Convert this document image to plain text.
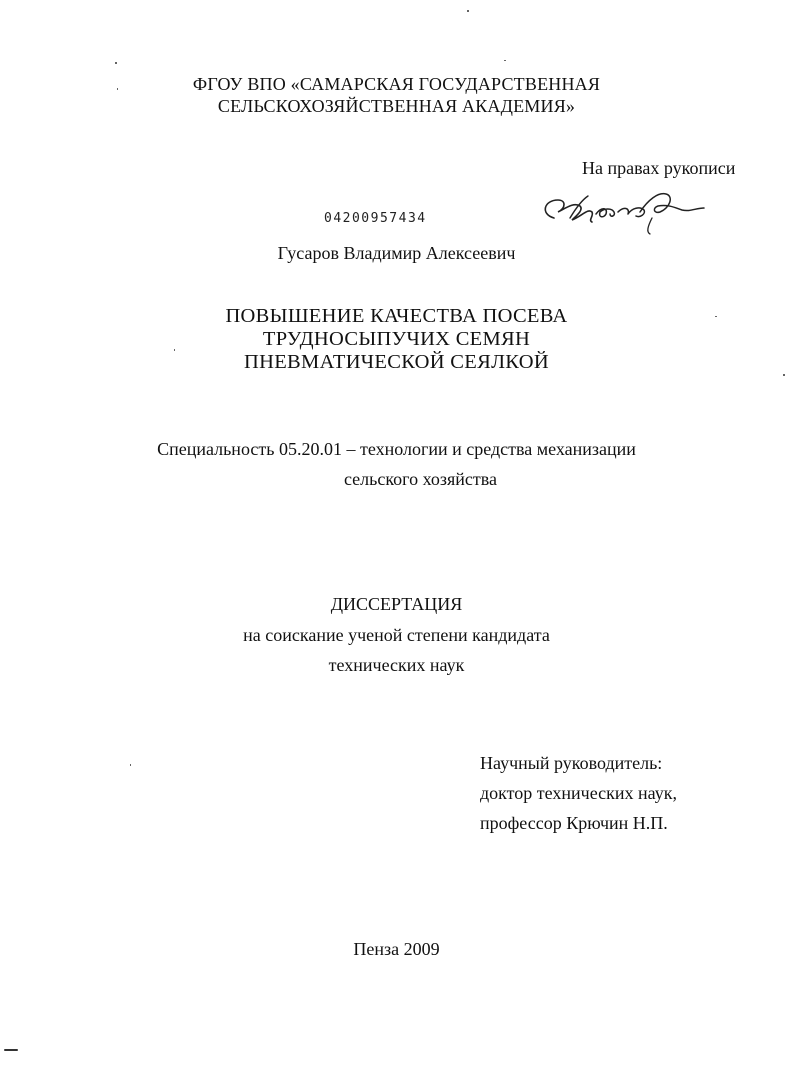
ФГОУ ВПО «САМАРСКАЯ ГОСУДАРСТВЕННАЯ
СЕЛЬСКОХОЗЯЙСТВЕННАЯ АКАДЕМИЯ»
На правах рукописи
04200957434
Гусаров Владимир Алексеевич
ПОВЫШЕНИЕ КАЧЕСТВА ПОСЕВА
ТРУДНОСЫПУЧИХ СЕМЯН
ПНЕВМАТИЧЕСКОЙ СЕЯЛКОЙ
Специальность 05.20.01 – технологии и средства механизации
сельского хозяйства
ДИССЕРТАЦИЯ
на соискание ученой степени кандидата
технических наук
Научный руководитель:
доктор технических наук,
профессор Крючин Н.П.
Пенза 2009
